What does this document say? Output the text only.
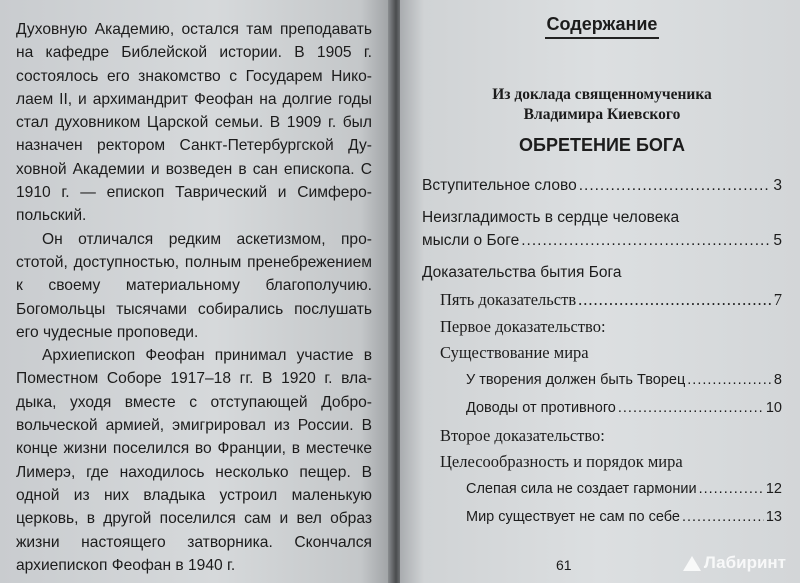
Духовную Академию, остался там преподавать на кафедре Библейской истории. В 1905 г. состоялось его знакомство с Государем Николаем II, и архимандрит Феофан на долгие годы стал духовником Царской семьи. В 1909 г. был назначен ректором Санкт-Петербургской Духовной Академии и возведен в сан епископа. С 1910 г. — епископ Таврический и Симферопольский.

Он отличался редким аскетизмом, простотой, доступностью, полным пренебрежением к своему материальному благополучию. Богомольцы тысячами собирались послушать его чудесные проповеди.

Архиепископ Феофан принимал участие в Поместном Соборе 1917–18 гг. В 1920 г. владыка, уходя вместе с отступающей Добровольческой армией, эмигрировал из России. В конце жизни поселился во Франции, в местечке Лимерэ, где находилось несколько пещер. В одной из них владыка устроил маленькую церковь, в другой поселился сам и вел образ жизни настоящего затворника. Скончался архиепископ Феофан в 1940 г.

Содержание
Из доклада священномученика
Владимира Киевского
ОБРЕТЕНИЕ БОГА
Вступительное слово .....	3
Неизгладимость в сердце человека
мысли о Боге .....	5
Доказательства бытия Бога
Пять доказательств .....	7
Первое доказательство:
Существование мира
У творения должен быть Творец .....	8
Доводы от противного .....	10
Второе доказательство:
Целесообразность и порядок мира
Слепая сила не создает гармонии .....	12
Мир существует не сам по себе .....	13
61	Лабиринт
